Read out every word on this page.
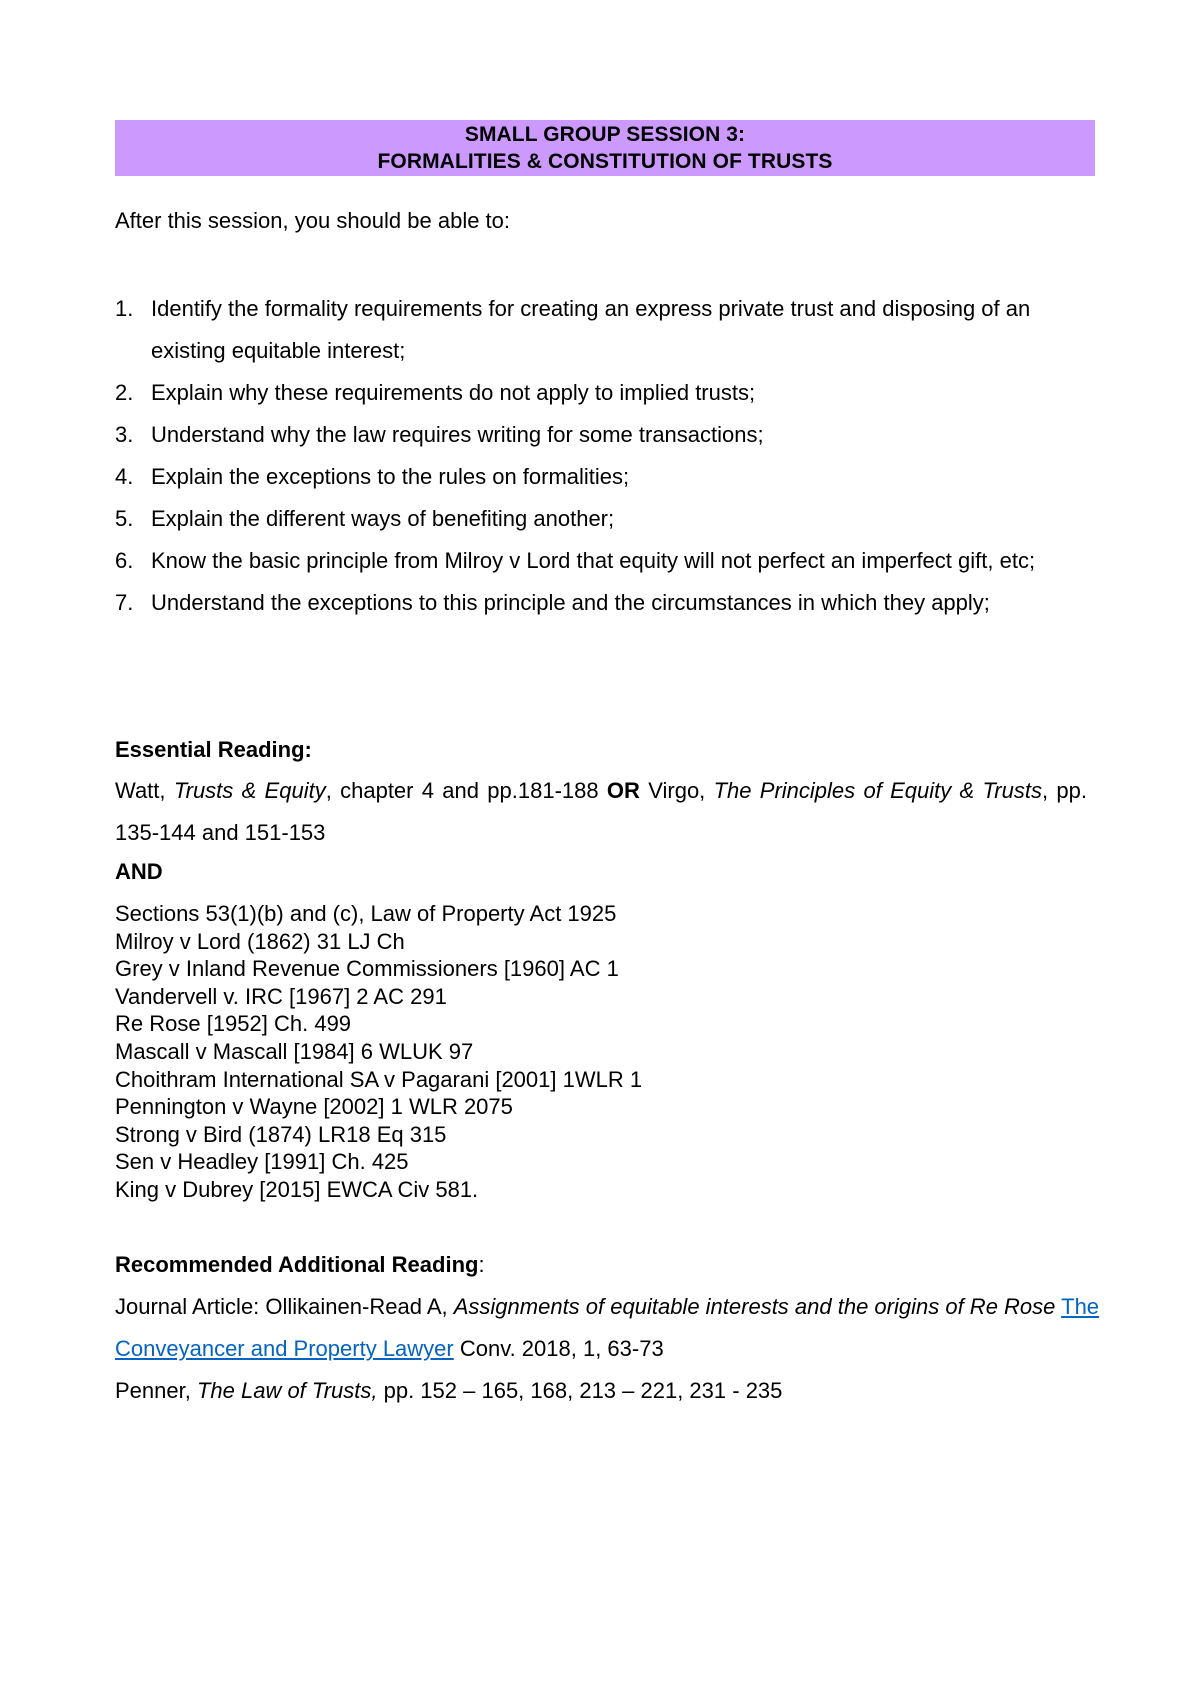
SMALL GROUP SESSION 3:
FORMALITIES & CONSTITUTION OF TRUSTS
After this session, you should be able to:
1. Identify the formality requirements for creating an express private trust and disposing of an existing equitable interest;
2. Explain why these requirements do not apply to implied trusts;
3. Understand why the law requires writing for some transactions;
4. Explain the exceptions to the rules on formalities;
5. Explain the different ways of benefiting another;
6. Know the basic principle from Milroy v Lord that equity will not perfect an imperfect gift, etc;
7. Understand the exceptions to this principle and the circumstances in which they apply;
Essential Reading:
Watt, Trusts & Equity, chapter 4 and pp.181-188 OR Virgo, The Principles of Equity & Trusts, pp. 135-144 and 151-153
AND
Sections 53(1)(b) and (c), Law of Property Act 1925
Milroy v Lord (1862) 31 LJ Ch
Grey v Inland Revenue Commissioners [1960] AC 1
Vandervell v. IRC [1967] 2 AC 291
Re Rose [1952] Ch. 499
Mascall v Mascall [1984] 6 WLUK 97
Choithram International SA v Pagarani [2001] 1WLR 1
Pennington v Wayne [2002] 1 WLR 2075
Strong v Bird (1874) LR18 Eq 315
Sen v Headley [1991] Ch. 425
King v Dubrey [2015] EWCA Civ 581.
Recommended Additional Reading:
Journal Article: Ollikainen-Read A, Assignments of equitable interests and the origins of Re Rose The Conveyancer and Property Lawyer Conv. 2018, 1, 63-73
Penner, The Law of Trusts, pp. 152 – 165, 168, 213 – 221, 231 - 235
